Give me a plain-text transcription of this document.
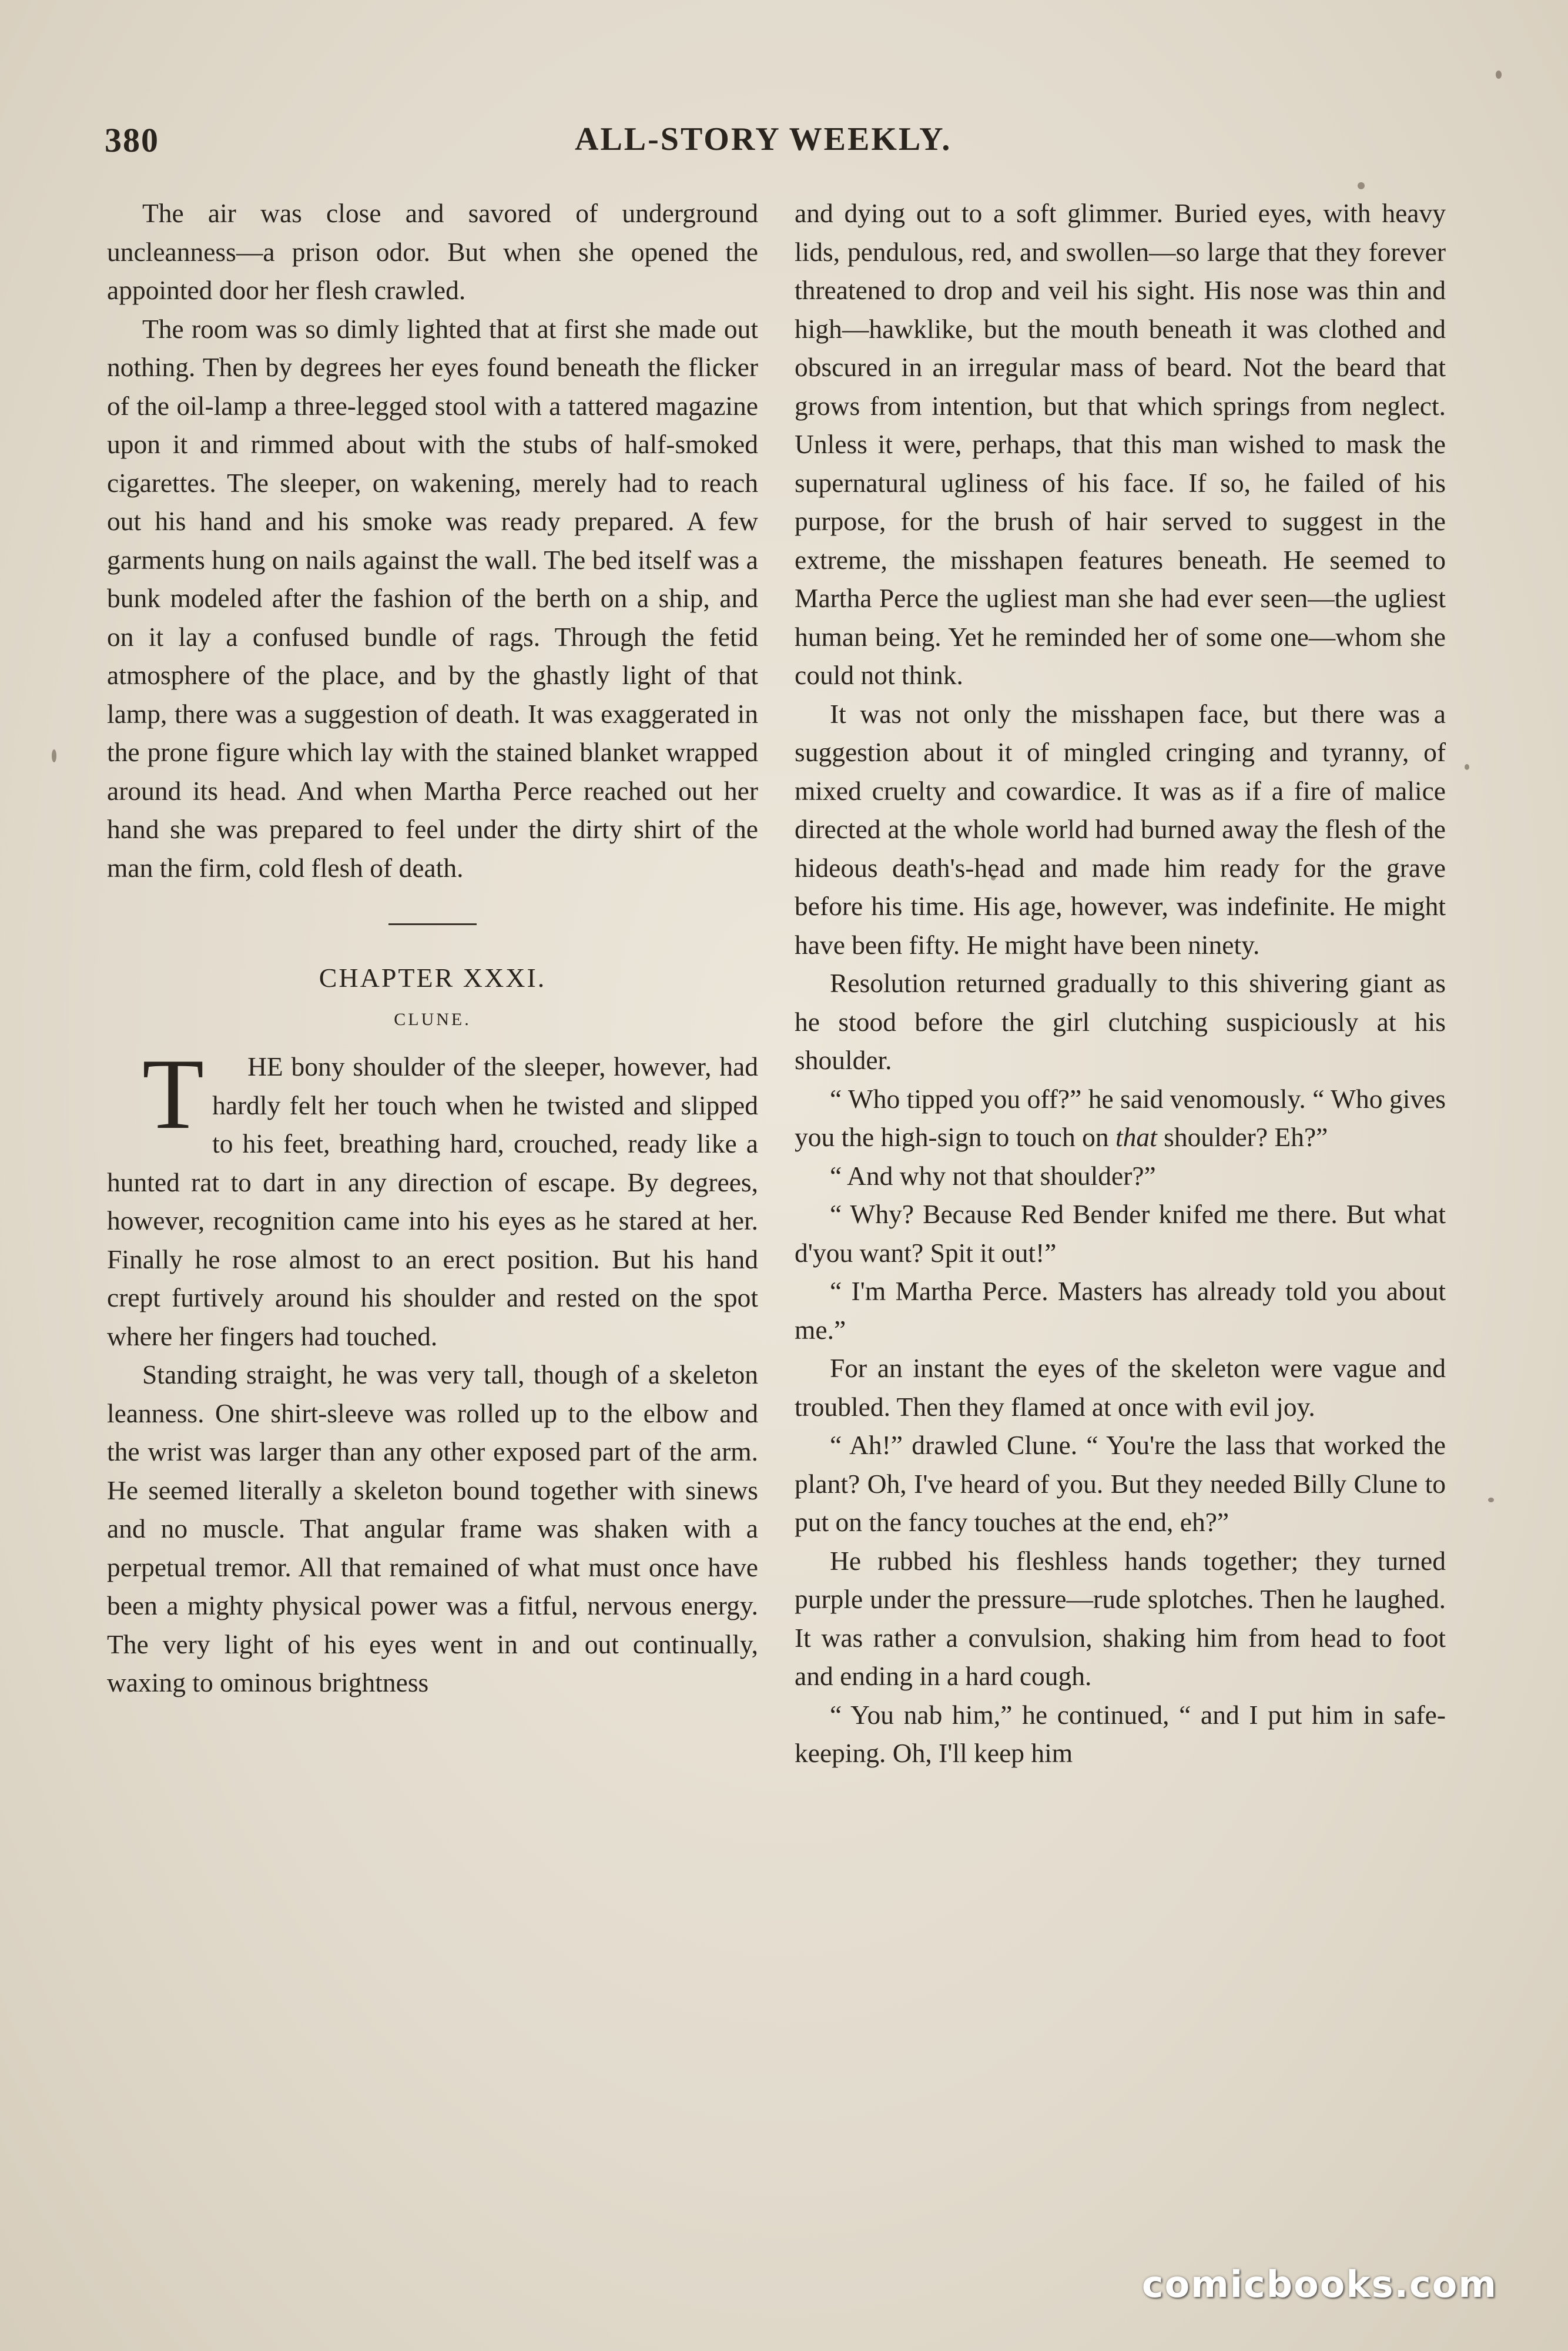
380	ALL-STORY WEEKLY.

The air was close and savored of underground uncleanness—a prison odor. But when she opened the appointed door her flesh crawled.

The room was so dimly lighted that at first she made out nothing. Then by degrees her eyes found beneath the flicker of the oil-lamp a three-legged stool with a tattered magazine upon it and rimmed about with the stubs of half-smoked cigarettes. The sleeper, on wakening, merely had to reach out his hand and his smoke was ready prepared. A few garments hung on nails against the wall. The bed itself was a bunk modeled after the fashion of the berth on a ship, and on it lay a confused bundle of rags. Through the fetid atmosphere of the place, and by the ghastly light of that lamp, there was a suggestion of death. It was exaggerated in the prone figure which lay with the stained blanket wrapped around its head. And when Martha Perce reached out her hand she was prepared to feel under the dirty shirt of the man the firm, cold flesh of death.

CHAPTER XXXI.
CLUNE.

T HE bony shoulder of the sleeper, however, had hardly felt her touch when he twisted and slipped to his feet, breathing hard, crouched, ready like a hunted rat to dart in any direction of escape. By degrees, however, recognition came into his eyes as he stared at her. Finally he rose almost to an erect position. But his hand crept furtively around his shoulder and rested on the spot where her fingers had touched.

Standing straight, he was very tall, though of a skeleton leanness. One shirt-sleeve was rolled up to the elbow and the wrist was larger than any other exposed part of the arm. He seemed literally a skeleton bound together with sinews and no muscle. That angular frame was shaken with a perpetual tremor. All that remained of what must once have been a mighty physical power was a fitful, nervous energy. The very light of his eyes went in and out continually, waxing to ominous brightness

and dying out to a soft glimmer. Buried eyes, with heavy lids, pendulous, red, and swollen—so large that they forever threatened to drop and veil his sight. His nose was thin and high—hawklike, but the mouth beneath it was clothed and obscured in an irregular mass of beard. Not the beard that grows from intention, but that which springs from neglect. Unless it were, perhaps, that this man wished to mask the supernatural ugliness of his face. If so, he failed of his purpose, for the brush of hair served to suggest in the extreme, the misshapen features beneath. He seemed to Martha Perce the ugliest man she had ever seen—the ugliest human being. Yet he reminded her of some one—whom she could not think.

It was not only the misshapen face, but there was a suggestion about it of mingled cringing and tyranny, of mixed cruelty and cowardice. It was as if a fire of malice directed at the whole world had burned away the flesh of the hideous death's-head and made him ready for the grave before his time. His age, however, was indefinite. He might have been fifty. He might have been ninety.

Resolution returned gradually to this shivering giant as he stood before the girl clutching suspiciously at his shoulder.

“ Who tipped you off?” he said venomously. “ Who gives you the high-sign to touch on that shoulder? Eh?”

“ And why not that shoulder?”

“ Why? Because Red Bender knifed me there. But what d'you want? Spit it out!”

“ I'm Martha Perce. Masters has already told you about me.”

For an instant the eyes of the skeleton were vague and troubled. Then they flamed at once with evil joy.

“ Ah!” drawled Clune. “ You're the lass that worked the plant? Oh, I've heard of you. But they needed Billy Clune to put on the fancy touches at the end, eh?”

He rubbed his fleshless hands together; they turned purple under the pressure—rude splotches. Then he laughed. It was rather a convulsion, shaking him from head to foot and ending in a hard cough.

“ You nab him,” he continued, “ and I put him in safe-keeping. Oh, I'll keep him

comicbooks.com
